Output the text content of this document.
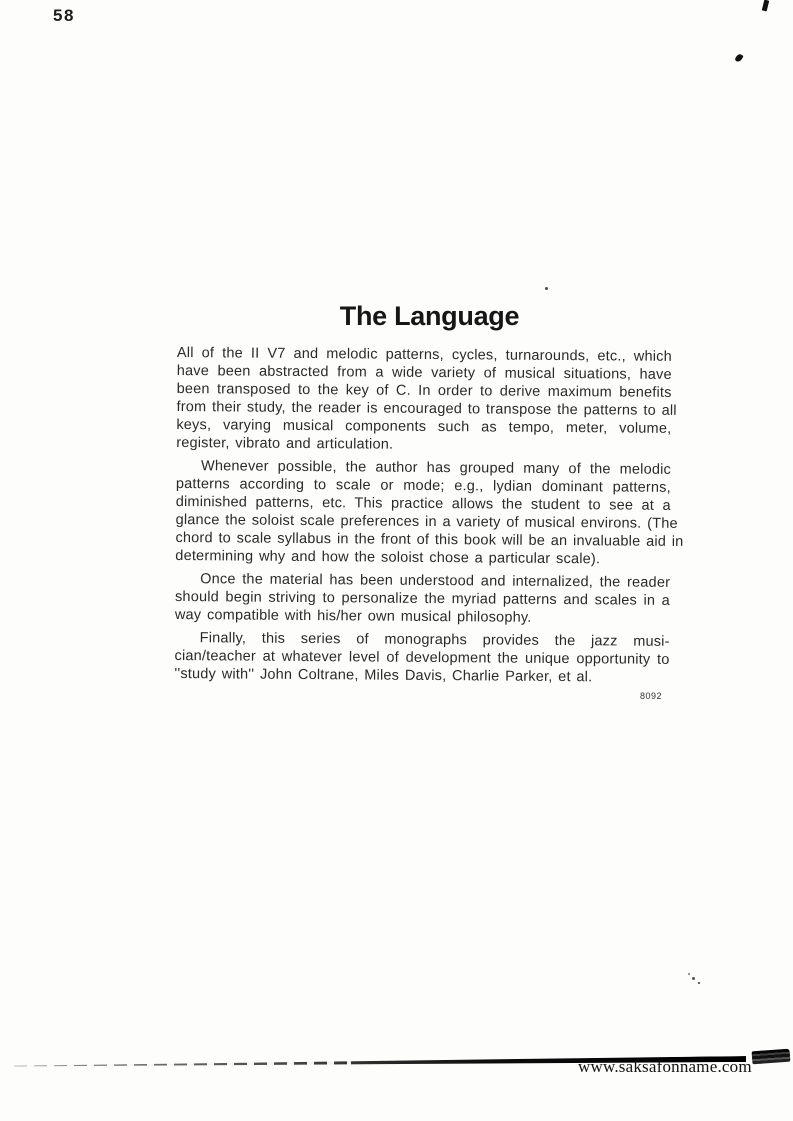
58
The Language
All of the II V7 and melodic patterns, cycles, turnarounds, etc., which
have been abstracted from a wide variety of musical situations, have
been transposed to the key of C. In order to derive maximum benefits
from their study, the reader is encouraged to transpose the patterns to all
keys, varying musical components such as tempo, meter, volume,
register, vibrato and articulation.
Whenever possible, the author has grouped many of the melodic
patterns according to scale or mode; e.g., lydian dominant patterns,
diminished patterns, etc. This practice allows the student to see at a
glance the soloist scale preferences in a variety of musical environs. (The
chord to scale syllabus in the front of this book will be an invaluable aid in
determining why and how the soloist chose a particular scale).
Once the material has been understood and internalized, the reader
should begin striving to personalize the myriad patterns and scales in a
way compatible with his/her own musical philosophy.
Finally, this series of monographs provides the jazz musi-
cian/teacher at whatever level of development the unique opportunity to
''study with'' John Coltrane, Miles Davis, Charlie Parker, et al.
8092
www.saksafonname.com
